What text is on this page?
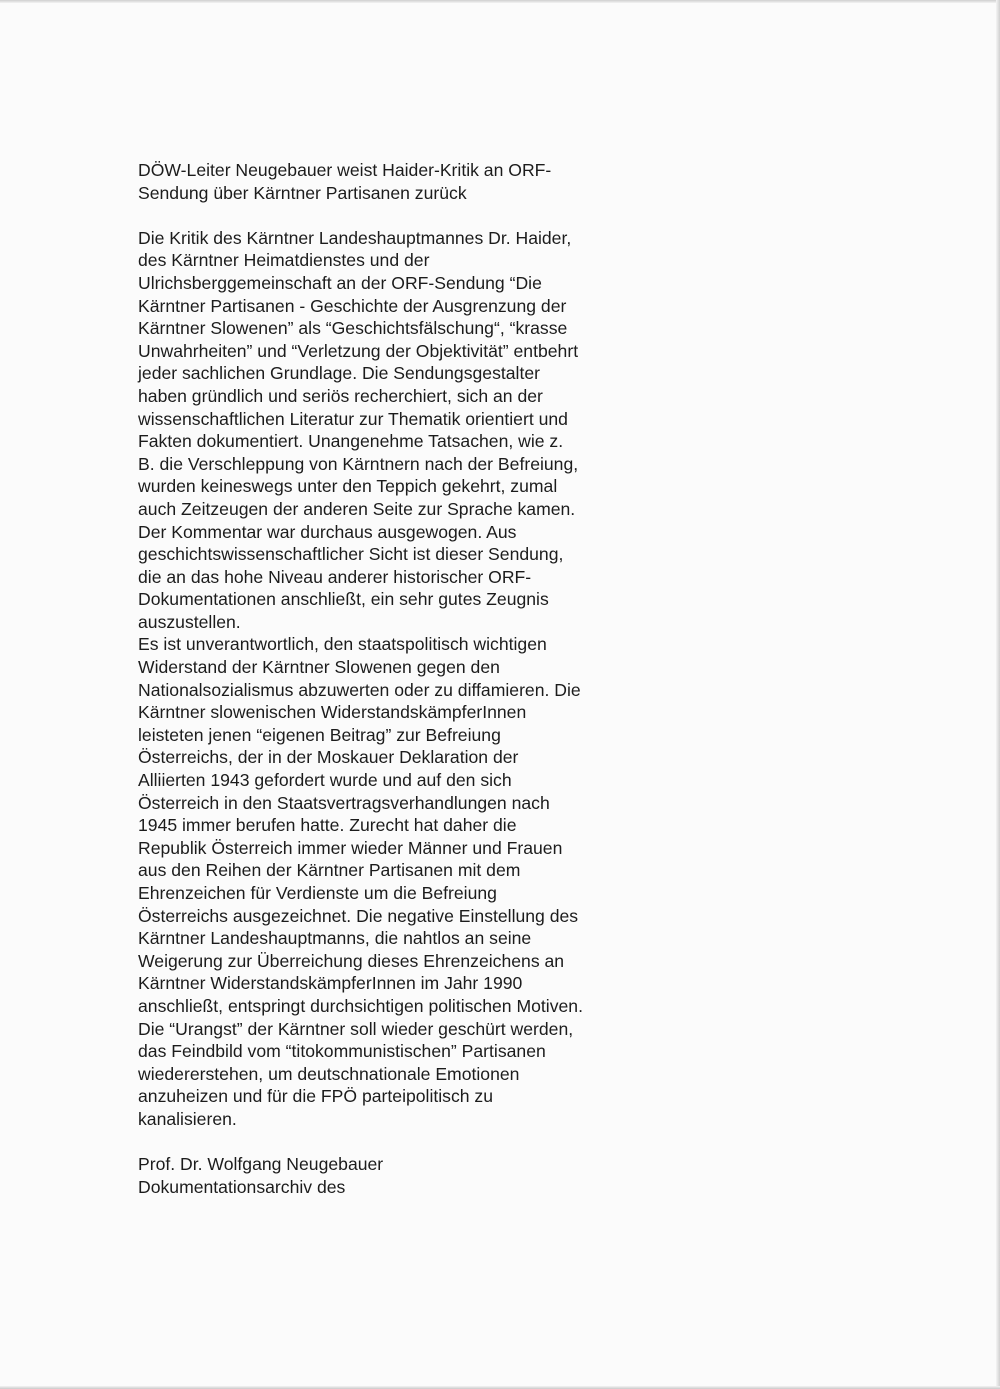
DÖW-Leiter Neugebauer weist Haider-Kritik an ORF-
Sendung über Kärntner Partisanen zurück
Die Kritik des Kärntner Landeshauptmannes Dr. Haider,
des Kärntner Heimatdienstes und der
Ulrichsberggemeinschaft an der ORF-Sendung “Die
Kärntner Partisanen - Geschichte der Ausgrenzung der
Kärntner Slowenen” als “Geschichtsfälschung“, “krasse
Unwahrheiten” und “Verletzung der Objektivität” entbehrt
jeder sachlichen Grundlage. Die Sendungsgestalter
haben gründlich und seriös recherchiert, sich an der
wissenschaftlichen Literatur zur Thematik orientiert und
Fakten dokumentiert. Unangenehme Tatsachen, wie z.
B. die Verschleppung von Kärntnern nach der Befreiung,
wurden keineswegs unter den Teppich gekehrt, zumal
auch Zeitzeugen der anderen Seite zur Sprache kamen.
Der Kommentar war durchaus ausgewogen. Aus
geschichtswissenschaftlicher Sicht ist dieser Sendung,
die an das hohe Niveau anderer historischer ORF-
Dokumentationen anschließt, ein sehr gutes Zeugnis
auszustellen.
Es ist unverantwortlich, den staatspolitisch wichtigen
Widerstand der Kärntner Slowenen gegen den
Nationalsozialismus abzuwerten oder zu diffamieren. Die
Kärntner slowenischen WiderstandskämpferInnen
leisteten jenen “eigenen Beitrag” zur Befreiung
Österreichs, der in der Moskauer Deklaration der
Alliierten 1943 gefordert wurde und auf den sich
Österreich in den Staatsvertragsverhandlungen nach
1945 immer berufen hatte. Zurecht hat daher die
Republik Österreich immer wieder Männer und Frauen
aus den Reihen der Kärntner Partisanen mit dem
Ehrenzeichen für Verdienste um die Befreiung
Österreichs ausgezeichnet. Die negative Einstellung des
Kärntner Landeshauptmanns, die nahtlos an seine
Weigerung zur Überreichung dieses Ehrenzeichens an
Kärntner WiderstandskämpferInnen im Jahr 1990
anschließt, entspringt durchsichtigen politischen Motiven.
Die “Urangst” der Kärntner soll wieder geschürt werden,
das Feindbild vom “titokommunistischen” Partisanen
wiedererstehen, um deutschnationale Emotionen
anzuheizen und für die FPÖ parteipolitisch zu
kanalisieren.
Prof. Dr. Wolfgang Neugebauer
Dokumentationsarchiv des
